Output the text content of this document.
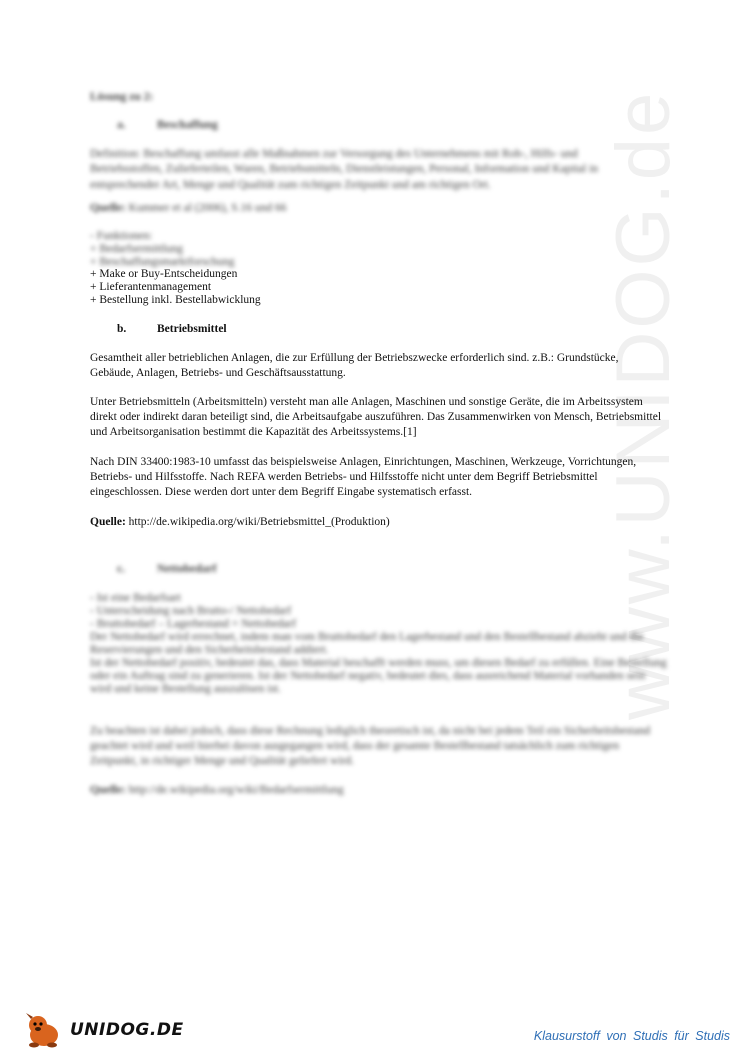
www.UNIDOG.de
Lösung zu 2:
a.	Beschaffung
Definition: Beschaffung umfasst alle Maßnahmen zur Versorgung des Unternehmens mit Roh-, Hilfs- und Betriebsstoffen, Zulieferteilen, Waren, Betriebsmitteln, Dienstleistungen, Personal, Information und Kapital in entsprechender Art, Menge und Qualität zum richtigen Zeitpunkt und am richtigen Ort.
Quelle: Kummer et al (2006), S.16 und 66
- Funktionen:
+ Bedarfsermittlung
+ Beschaffungsmarktforschung
+ Make or Buy-Entscheidungen
+ Lieferantenmanagement
+ Bestellung inkl. Bestellabwicklung
b.	Betriebsmittel
Gesamtheit aller betrieblichen Anlagen, die zur Erfüllung der Betriebszwecke erforderlich sind. z.B.: Grundstücke,
Gebäude, Anlagen, Betriebs- und Geschäftsausstattung.
Unter Betriebsmitteln (Arbeitsmitteln) versteht man alle Anlagen, Maschinen und sonstige Geräte, die im Arbeitssystem
direkt oder indirekt daran beteiligt sind, die Arbeitsaufgabe auszuführen. Das Zusammenwirken von Mensch, Betriebsmittel
und Arbeitsorganisation bestimmt die Kapazität des Arbeitssystems.[1]
Nach DIN 33400:1983-10 umfasst das beispielsweise Anlagen, Einrichtungen, Maschinen, Werkzeuge, Vorrichtungen,
Betriebs- und Hilfsstoffe. Nach REFA werden Betriebs- und Hilfsstoffe nicht unter dem Begriff Betriebsmittel
eingeschlossen. Diese werden dort unter dem Begriff Eingabe systematisch erfasst.
Quelle: http://de.wikipedia.org/wiki/Betriebsmittel_(Produktion)
c.	Nettobedarf
- Ist eine Bedarfsart
- Unterscheidung nach Brutto-/ Nettobedarf
- Bruttobedarf – Lagerbestand = Nettobedarf
Der Nettobedarf wird errechnet, indem man vom Bruttobedarf den Lagerbestand und den Bestellbestand abzieht und die
Reservierungen und den Sicherheitsbestand addiert.
Ist der Nettobedarf positiv, bedeutet das, dass Material beschafft werden muss, um diesen Bedarf zu erfüllen. Eine Bestellung
oder ein Auftrag sind zu generieren. Ist der Nettobedarf negativ, bedeutet dies, dass ausreichend Material vorhanden sein
wird und keine Bestellung auszulösen ist.
Zu beachten ist dabei jedoch, dass diese Rechnung lediglich theoretisch ist, da nicht bei jedem Teil ein Sicherheitsbestand
geachtet wird und weil hierbei davon ausgegangen wird, dass der gesamte Bestellbestand tatsächlich zum richtigen
Zeitpunkt, in richtiger Menge und Qualität geliefert wird.
Quelle: http://de.wikipedia.org/wiki/Bedarfsermittlung
UNIDOG.DE	Klausurstoff von Studis für Studis
